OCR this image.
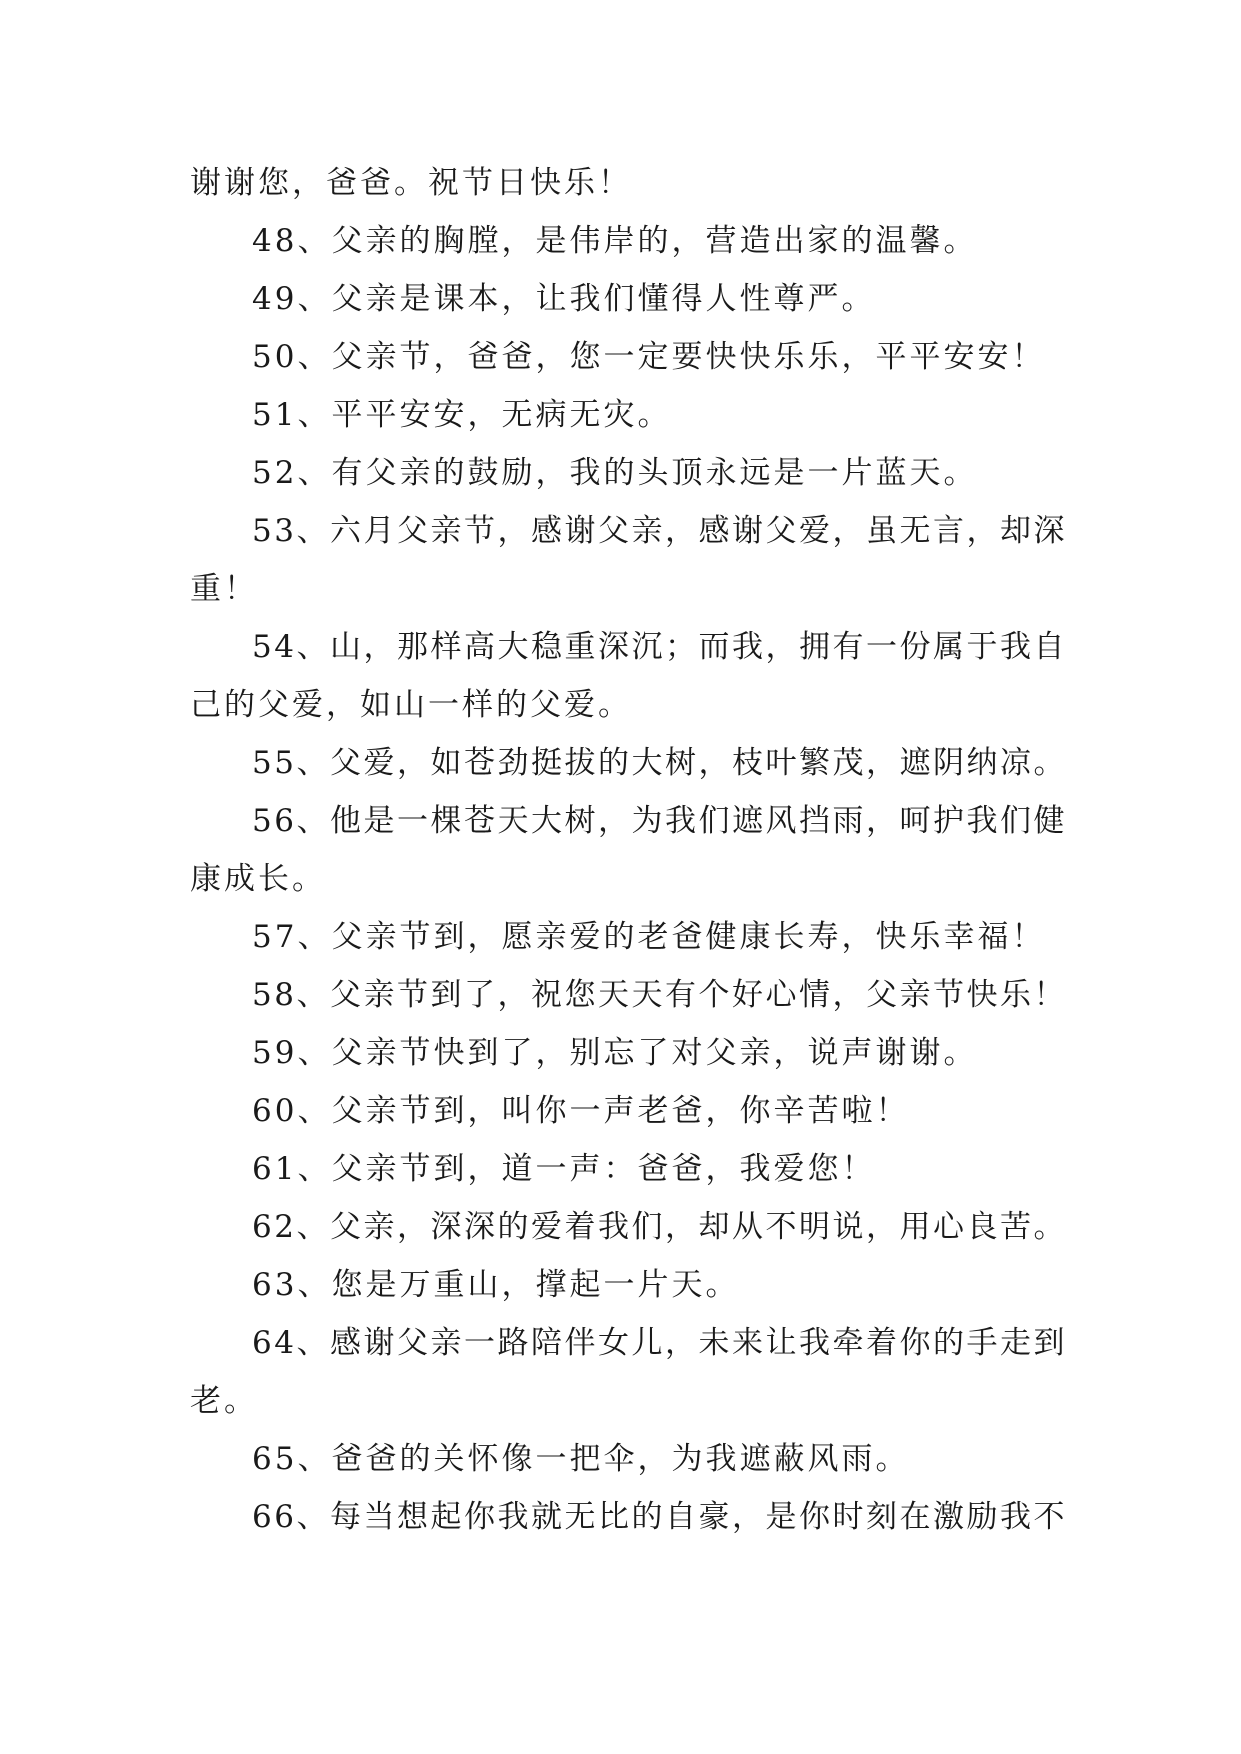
谢谢您，爸爸。祝节日快乐！
48、父亲的胸膛，是伟岸的，营造出家的温馨。
49、父亲是课本，让我们懂得人性尊严。
50、父亲节，爸爸，您一定要快快乐乐，平平安安！
51、平平安安，无病无灾。
52、有父亲的鼓励，我的头顶永远是一片蓝天。
53、六月父亲节，感谢父亲，感谢父爱，虽无言，却深
重！
54、山，那样高大稳重深沉；而我，拥有一份属于我自
己的父爱，如山一样的父爱。
55、父爱，如苍劲挺拔的大树，枝叶繁茂，遮阴纳凉。
56、他是一棵苍天大树，为我们遮风挡雨，呵护我们健
康成长。
57、父亲节到，愿亲爱的老爸健康长寿，快乐幸福！
58、父亲节到了，祝您天天有个好心情，父亲节快乐！
59、父亲节快到了，别忘了对父亲，说声谢谢。
60、父亲节到，叫你一声老爸，你辛苦啦！
61、父亲节到，道一声：爸爸，我爱您！
62、父亲，深深的爱着我们，却从不明说，用心良苦。
63、您是万重山，撑起一片天。
64、感谢父亲一路陪伴女儿，未来让我牵着你的手走到
老。
65、爸爸的关怀像一把伞，为我遮蔽风雨。
66、每当想起你我就无比的自豪，是你时刻在激励我不
